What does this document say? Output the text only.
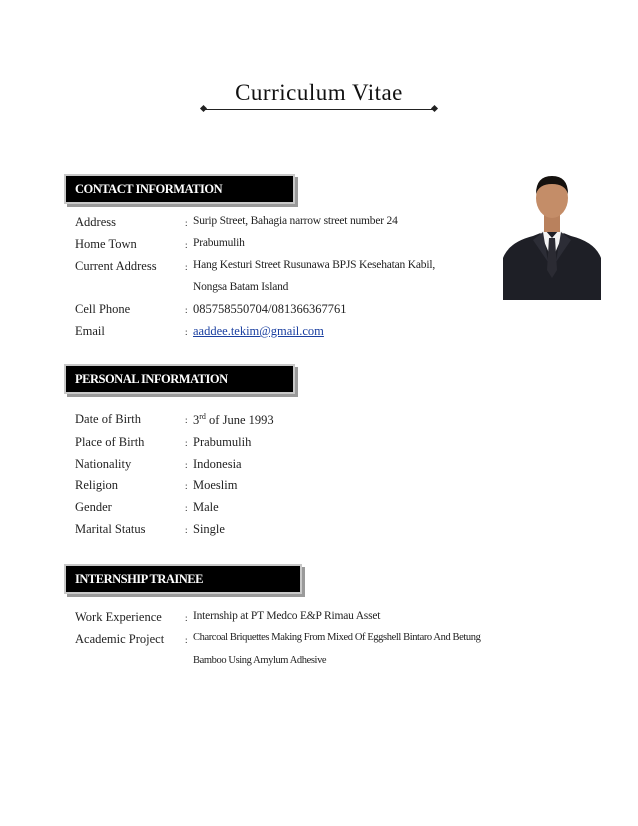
Curriculum Vitae
CONTACT INFORMATION
Address	: Surip Street, Bahagia narrow street number 24
Home Town	: Prabumulih
Current Address	: Hang Kesturi Street Rusunawa BPJS Kesehatan Kabil,
Nongsa Batam Island
Cell Phone	: 085758550704/081366367761
Email	: aaddee.tekim@gmail.com
PERSONAL INFORMATION
Date of Birth	: 3rd of June 1993
Place of Birth	: Prabumulih
Nationality	: Indonesia
Religion	: Moeslim
Gender	: Male
Marital Status	: Single
INTERNSHIP TRAINEE
Work Experience	: Internship at PT Medco E&P Rimau Asset
Academic Project : Charcoal Briquettes Making From Mixed Of Eggshell Bintaro And Betung
Bamboo Using Amylum Adhesive
